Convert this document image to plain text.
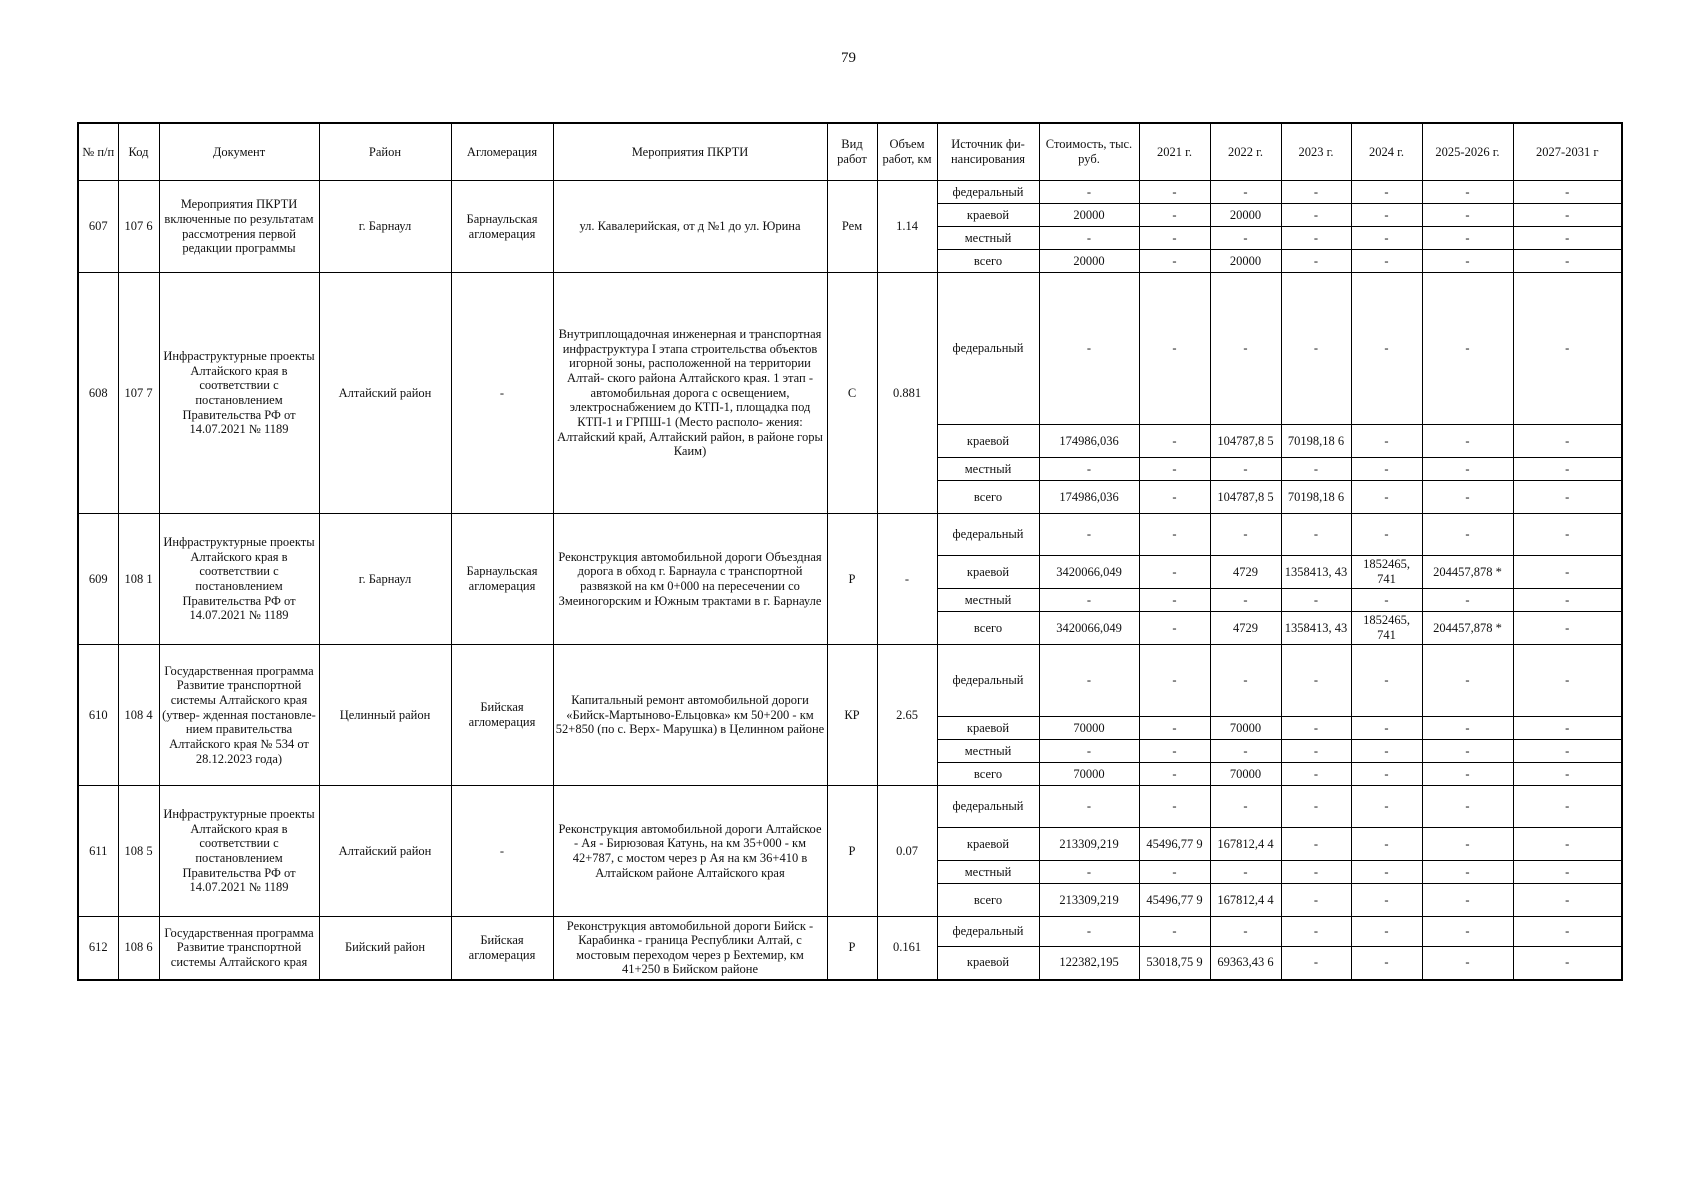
79
№ п/п	Код	Документ	Район	Агломерация	Мероприятия ПКРТИ	Вид работ	Объем работ, км	Источник фи- нансирования	Стоимость, тыс. руб.	2021 г.	2022 г.	2023 г.	2024 г.	2025-2026 г.	2027-2031 г
607	107 6	Мероприятия ПКРТИ включенные по результатам рассмотрения первой редакции программы	г. Барнаул	Барнаульская агломерация	ул. Кавалерийская, от д №1 до ул. Юрина	Рем	1.14	федеральный	-	-	-	-	-	-	-
								краевой	20000	-	20000	-	-	-	-
								местный	-	-	-	-	-	-	-
								всего	20000	-	20000	-	-	-	-
608	107 7	Инфраструктурные проекты Алтайского края в соответствии с постановлением Правительства РФ от 14.07.2021 № 1189	Алтайский район	-	Внутриплощадочная инженерная и транспортная инфраструктура I этапа строительства объектов игорной зоны, расположенной на территории Алтай- ского района Алтайского края. 1 этап - автомобильная дорога с освещением, электроснабжением до КТП-1, площадка под КТП-1 и ГРПШ-1 (Место располо- жения: Алтайский край, Алтайский район, в районе горы Каим)	С	0.881	федеральный	-	-	-	-	-	-	-
								краевой	174986,036	-	104787,8 5	70198,18 6	-	-	-
								местный	-	-	-	-	-	-	-
								всего	174986,036	-	104787,8 5	70198,18 6	-	-	-
609	108 1	Инфраструктурные проекты Алтайского края в соответствии с постановлением Правительства РФ от 14.07.2021 № 1189	г. Барнаул	Барнаульская агломерация	Реконструкция автомобильной дороги Объездная дорога в обход г. Барнаула с транспортной развязкой на км 0+000 на пересечении со Змеиногорским и Южным трактами в г. Барнауле	Р	-	федеральный	-	-	-	-	-	-	-
								краевой	3420066,049	-	4729	1358413, 43	1852465, 741	204457,878 *	-
								местный	-	-	-	-	-	-	-
								всего	3420066,049	-	4729	1358413, 43	1852465, 741	204457,878 *	-
610	108 4	Государственная программа Развитие транспортной системы Алтайского края (утвер- жденная постановле- нием правительства Алтайского края № 534 от 28.12.2023 года)	Целинный район	Бийская агломерация	Капитальный ремонт автомобильной дороги «Бийск-Мартыново-Ельцовка» км 50+200 - км 52+850 (по с. Верх- Марушка) в Целинном районе	КР	2.65	федеральный	-	-	-	-	-	-	-
								краевой	70000	-	70000	-	-	-	-
								местный	-	-	-	-	-	-	-
								всего	70000	-	70000	-	-	-	-
611	108 5	Инфраструктурные проекты Алтайского края в соответствии с постановлением Правительства РФ от 14.07.2021 № 1189	Алтайский район	-	Реконструкция автомобильной дороги Алтайское - Ая - Бирюзовая Катунь, на км 35+000 - км 42+787, с мостом через р Ая на км 36+410 в Алтайском районе Алтайского края	Р	0.07	федеральный	-	-	-	-	-	-	-
								краевой	213309,219	45496,77 9	167812,4 4	-	-	-	-
								местный	-	-	-	-	-	-	-
								всего	213309,219	45496,77 9	167812,4 4	-	-	-	-
612	108 6	Государственная программа Развитие транспортной системы Алтайского края	Бийский район	Бийская агломерация	Реконструкция автомобильной дороги Бийск - Карабинка - граница Республики Алтай, с мостовым переходом через р Бехтемир, км 41+250 в Бийском районе	Р	0.161	федеральный	-	-	-	-	-	-	-
								краевой	122382,195	53018,75 9	69363,43 6	-	-	-	-
